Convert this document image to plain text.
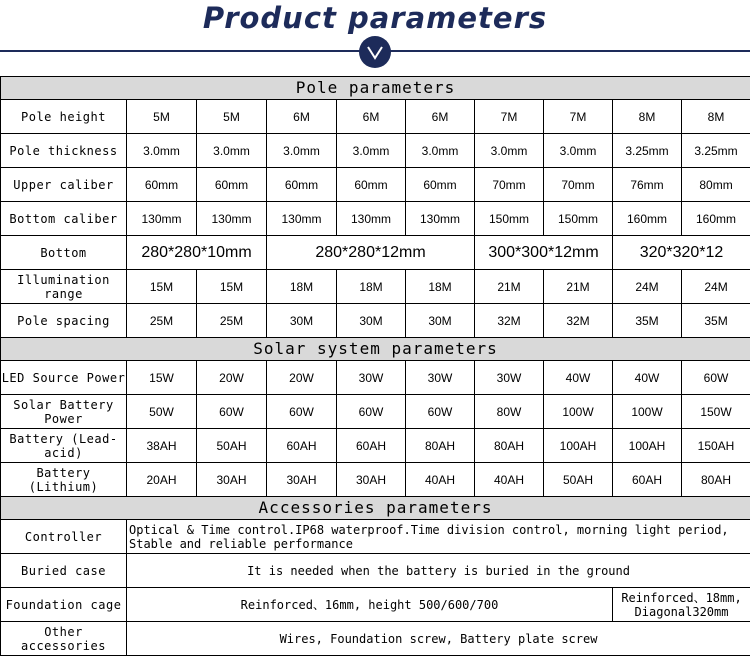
Product parameters
Pole parameters									
Pole height	5M	5M	6M	6M	6M	7M	7M	8M	8M
Pole thickness	3.0mm	3.0mm	3.0mm	3.0mm	3.0mm	3.0mm	3.0mm	3.25mm	3.25mm
Upper caliber	60mm	60mm	60mm	60mm	60mm	70mm	70mm	76mm	80mm
Bottom caliber	130mm	130mm	130mm	130mm	130mm	150mm	150mm	160mm	160mm
Bottom	280*280*10mm		280*280*12mm			300*300*12mm		320*320*12	
Illumination range	15M	15M	18M	18M	18M	21M	21M	24M	24M
Pole spacing	25M	25M	30M	30M	30M	32M	32M	35M	35M
Solar system parameters									
LED Source Power	15W	20W	20W	30W	30W	30W	40W	40W	60W
Solar Battery Power	50W	60W	60W	60W	60W	80W	100W	100W	150W
Battery (Lead-acid)	38AH	50AH	60AH	60AH	80AH	80AH	100AH	100AH	150AH
Battery (Lithium)	20AH	30AH	30AH	30AH	40AH	40AH	50AH	60AH	80AH
Accessories parameters									
Controller	Optical & Time control.IP68 waterproof.Time division control, morning light period, Stable and reliable performance								
Buried case	It is needed when the battery is buried in the ground								
Foundation cage	Reinforced、16mm, height 500/600/700							Reinforced、18mm, Diagonal320mm	
Other accessories	Wires, Foundation screw, Battery plate screw								
